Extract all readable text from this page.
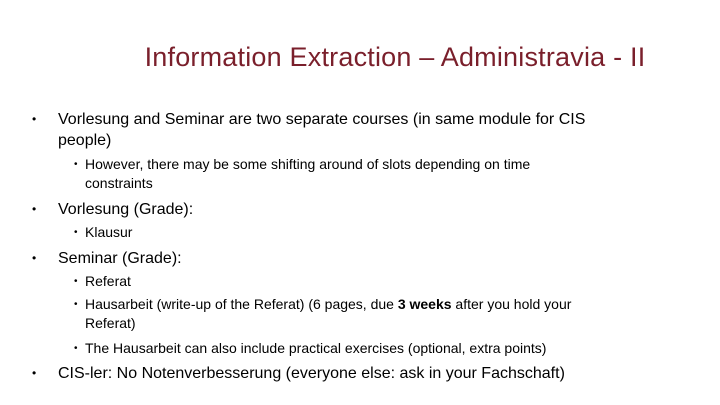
Information Extraction – Administravia - II
•	Vorlesung and Seminar are two separate courses (in same module for CIS people)
• However, there may be some shifting around of slots depending on time constraints
•	Vorlesung (Grade):
• Klausur
•	Seminar (Grade):
• Referat
• Hausarbeit (write-up of the Referat) (6 pages, due 3 weeks after you hold your Referat)
• The Hausarbeit can also include practical exercises (optional, extra points)
•	CIS-ler: No Notenverbesserung (everyone else: ask in your Fachschaft)
